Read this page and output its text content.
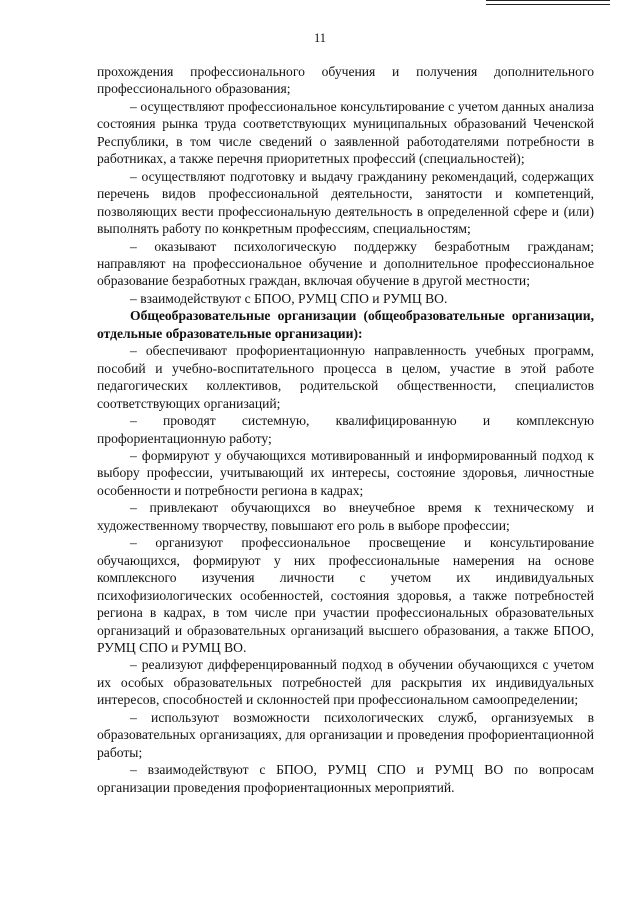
11

прохождения профессионального обучения и получения дополнительного профессионального образования;

– осуществляют профессиональное консультирование с учетом данных анализа состояния рынка труда соответствующих муниципальных образований Чеченской Республики, в том числе сведений о заявленной работодателями потребности в работниках, а также перечня приоритетных профессий (специальностей);

– осуществляют подготовку и выдачу гражданину рекомендаций, содержащих перечень видов профессиональной деятельности, занятости и компетенций, позволяющих вести профессиональную деятельность в определенной сфере и (или) выполнять работу по конкретным профессиям, специальностям;

– оказывают психологическую поддержку безработным гражданам; направляют на профессиональное обучение и дополнительное профессиональное образование безработных граждан, включая обучение в другой местности;

– взаимодействуют с БПОО, РУМЦ СПО и РУМЦ ВО.

Общеобразовательные организации (общеобразовательные организации, отдельные образовательные организации):

– обеспечивают профориентационную направленность учебных программ, пособий и учебно-воспитательного процесса в целом, участие в этой работе педагогических коллективов, родительской общественности, специалистов соответствующих организаций;

– проводят системную, квалифицированную и комплексную профориентационную работу;

– формируют у обучающихся мотивированный и информированный подход к выбору профессии, учитывающий их интересы, состояние здоровья, личностные особенности и потребности региона в кадрах;

– привлекают обучающихся во внеучебное время к техническому и художественному творчеству, повышают его роль в выборе профессии;

– организуют профессиональное просвещение и консультирование обучающихся, формируют у них профессиональные намерения на основе комплексного изучения личности с учетом их индивидуальных психофизиологических особенностей, состояния здоровья, а также потребностей региона в кадрах, в том числе при участии профессиональных образовательных организаций и образовательных организаций высшего образования, а также БПОО, РУМЦ СПО и РУМЦ ВО.

– реализуют дифференцированный подход в обучении обучающихся с учетом их особых образовательных потребностей для раскрытия их индивидуальных интересов, способностей и склонностей при профессиональном самоопределении;

– используют возможности психологических служб, организуемых в образовательных организациях, для организации и проведения профориентационной работы;

– взаимодействуют с БПОО, РУМЦ СПО и РУМЦ ВО по вопросам организации проведения профориентационных мероприятий.
